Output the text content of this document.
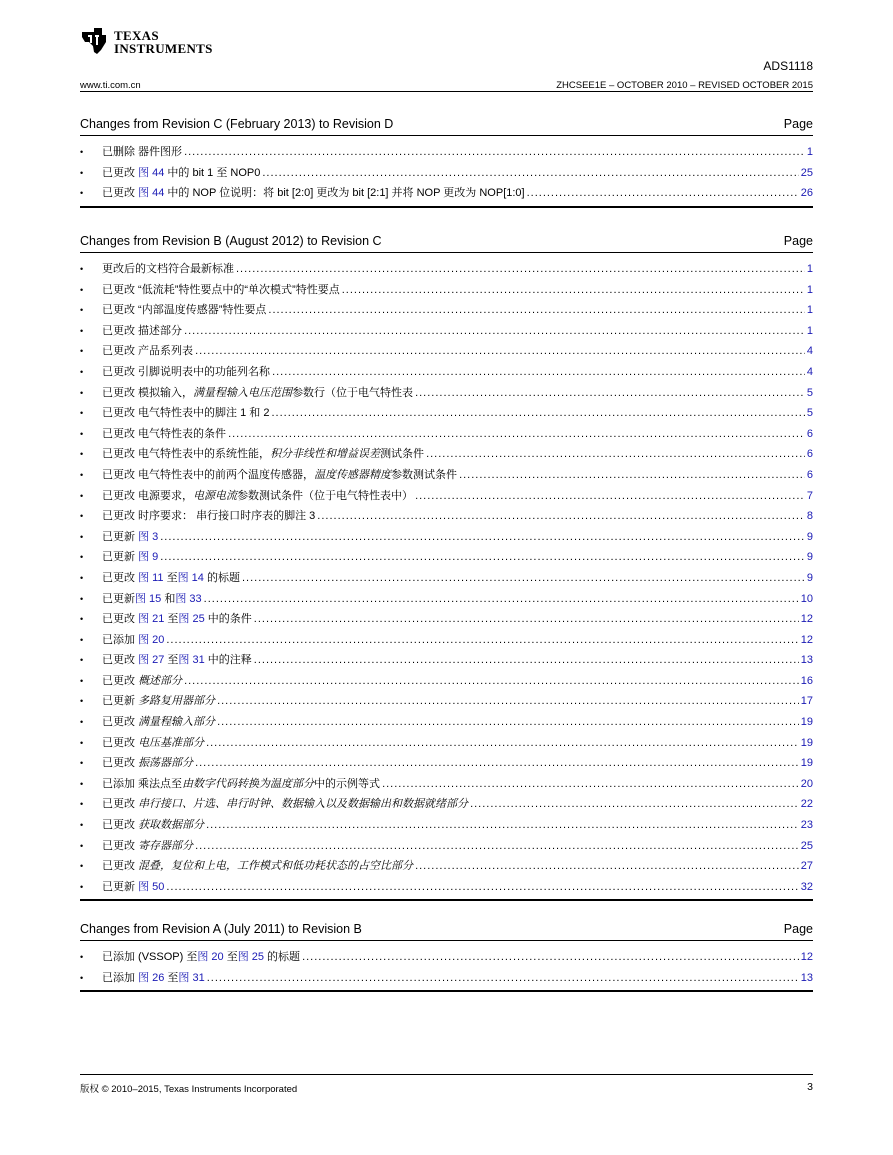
TEXAS
INSTRUMENTS
ADS1118
www.ti.com.cn	ZHCSEE1E – OCTOBER 2010 – REVISED OCTOBER 2015
Changes from Revision C (February 2013) to Revision D	Page
•	已删除 器件图形 .....	1
•	已更改 图 44 中的 bit 1 至 NOP0 .....	25
•	已更改 图 44 中的 NOP 位说明：将 bit [2:0] 更改为 bit [2:1] 并将 NOP 更改为 NOP[1:0] .....	26
Changes from Revision B (August 2012) to Revision C	Page
•	更改后的文档符合最新标准 .....	1
•	已更改 “低流耗”特性要点中的“单次模式”特性要点 .....	1
•	已更改 “内部温度传感器”特性要点 .....	1
•	已更改 描述部分 .....	1
•	已更改 产品系列表 .....	4
•	已更改 引脚说明表中的功能列名称 .....	4
•	已更改 模拟输入，满量程输入电压范围参数行（位于电气特性表 .....	5
•	已更改 电气特性表中的脚注 1 和 2 .....	5
•	已更改 电气特性表的条件 .....	6
•	已更改 电气特性表中的系统性能，积分非线性和增益误差测试条件 .....	6
•	已更改 电气特性表中的前两个温度传感器，温度传感器精度参数测试条件 .....	6
•	已更改 电源要求，电源电流参数测试条件（位于电气特性表中） .....	7
•	已更改 时序要求： 串行接口时序表的脚注 3 .....	8
•	已更新 图 3 .....	9
•	已更新 图 9 .....	9
•	已更改 图 11 至图 14 的标题 .....	9
•	已更新图 15 和图 33 .....	10
•	已更改 图 21 至图 25 中的条件 .....	12
•	已添加 图 20 .....	12
•	已更改 图 27 至图 31 中的注释 .....	13
•	已更改 概述部分 .....	16
•	已更新 多路复用器部分 .....	17
•	已更改 满量程输入部分 .....	19
•	已更改 电压基准部分 .....	19
•	已更改 振荡器部分 .....	19
•	已添加 乘法点至由数字代码转换为温度部分中的示例等式 .....	20
•	已更改 串行接口、片选、串行时钟、数据输入以及数据输出和数据就绪部分 .....	22
•	已更改 获取数据部分 .....	23
•	已更改 寄存器部分 .....	25
•	已更改 混叠，复位和上电，工作模式和低功耗状态的占空比部分 .....	27
•	已更新 图 50 .....	32
Changes from Revision A (July 2011) to Revision B	Page
•	已添加 (VSSOP) 至图 20 至图 25 的标题 .....	12
•	已添加 图 26 至图 31 .....	13
版权 © 2010–2015, Texas Instruments Incorporated	3
